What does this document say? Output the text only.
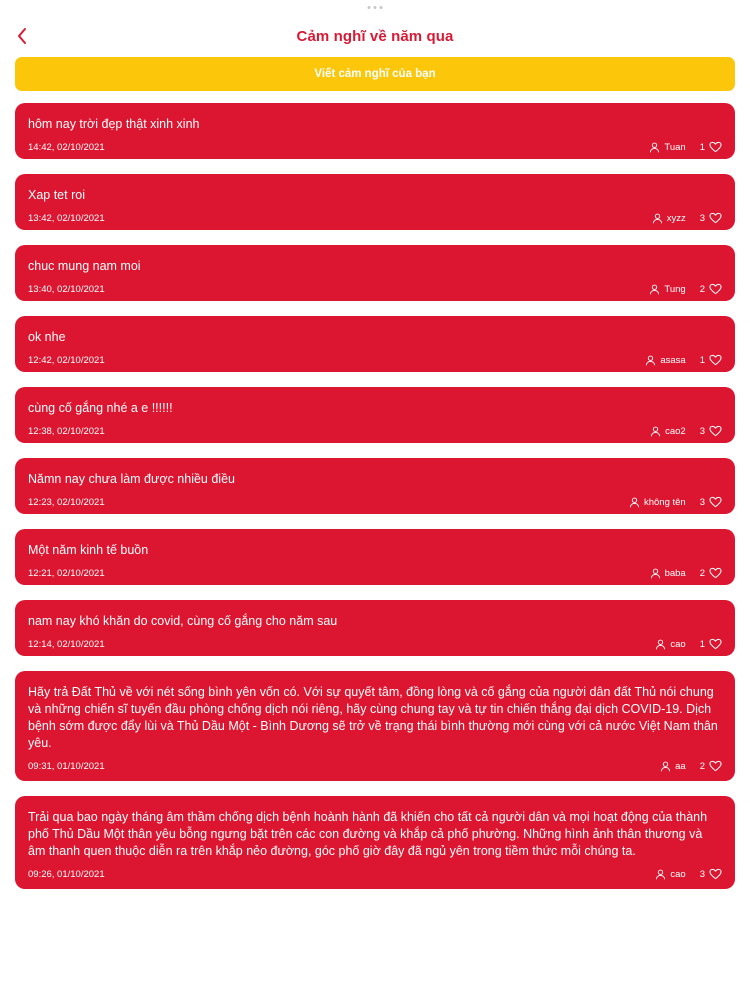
Cảm nghĩ về năm qua
Viết cảm nghĩ của bạn

hôm nay trời đẹp thật xinh xinh

14:42, 02/10/2021	Tuan 1

Xap tet roi

13:42, 02/10/2021	xyzz 3

chuc mung nam moi

13:40, 02/10/2021	Tung 2

ok nhe

12:42, 02/10/2021	asasa 1

cùng cố gắng nhé a e !!!!!!

12:38, 02/10/2021	cao2 3

Nămn nay chưa làm được nhiều điều

12:23, 02/10/2021	không tên 3

Một năm kinh tế buồn

12:21, 02/10/2021	baba 2

nam nay khó khăn do covid, cùng cố gắng cho năm sau

12:14, 02/10/2021	cao 1

Hãy trả Đất Thủ về với nét sống bình yên vốn có. Với sự quyết tâm, đồng lòng và cố gắng của người dân đất Thủ nói chung và những chiến sĩ tuyến đầu phòng chống dịch nói riêng, hãy cùng chung tay và tự tin chiến thắng đại dịch COVID-19. Dịch bệnh sớm được đẩy lùi và Thủ Dầu Một - Bình Dương sẽ trở về trạng thái bình thường mới cùng với cả nước Việt Nam thân yêu.

09:31, 01/10/2021	aa 2

Trải qua bao ngày tháng âm thầm chống dịch bệnh hoành hành đã khiến cho tất cả người dân và mọi hoạt động của thành phố Thủ Dầu Một thân yêu bỗng ngưng bặt trên các con đường và khắp cả phố phường. Những hình ảnh thân thương và âm thanh quen thuộc diễn ra trên khắp nẻo đường, góc phố giờ đây đã ngủ yên trong tiềm thức mỗi chúng ta.

09:26, 01/10/2021	cao 3
